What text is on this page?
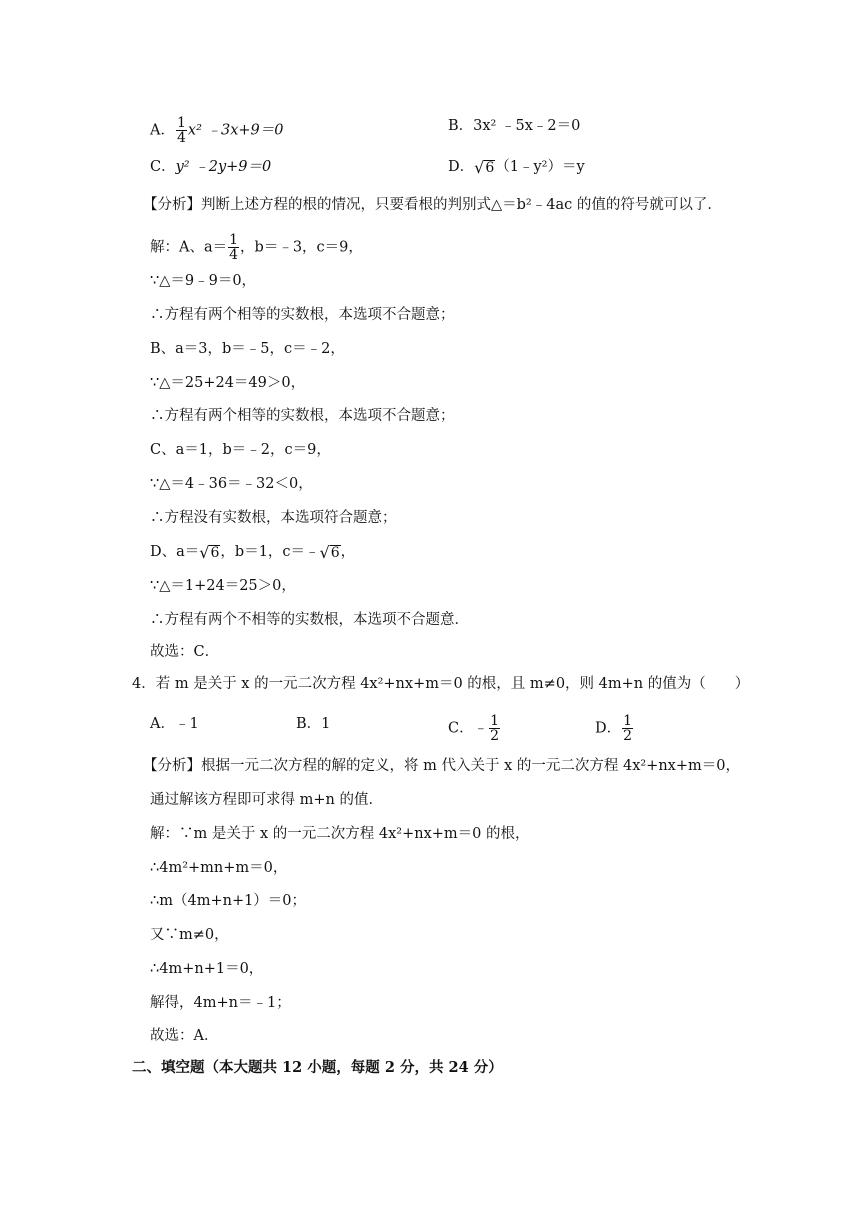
A． $\frac{1}{4} x^2$ ﹣3x+9＝0	B．3x² ﹣5x﹣2＝0
C．y² ﹣2y+9＝0	D． √ 6 （1﹣y²）＝y
【分析】判断上述方程的根的情况，只要看根的判别式△＝b²﹣4ac 的值的符号就可以了．
解：A、$a= \frac{1}{4}$ ，b＝﹣3，c＝9，
∵△＝9﹣9＝0，
∴方程有两个相等的实数根，本选项不合题意；
B、a＝3，b＝﹣5，c＝﹣2，
∵△＝25+24＝49＞0，
∴方程有两个相等的实数根，本选项不合题意；
C、a＝1，b＝﹣2，c＝9，
∵△＝4﹣36＝﹣32＜0，
∴方程没有实数根，本选项符合题意；
D、a＝ √ 6 ，b＝1，c＝﹣ √ 6 ，
∵△＝1+24＝25＞0，
∴方程有两个不相等的实数根，本选项不合题意．
故选：C．
4．若 m 是关于 x 的一元二次方程 4x²+nx+m＝0 的根，且 m≠0，则 4m+n 的值为（　　）
A．﹣1	B．1	C．﹣ $\frac{1}{2}$	D． $\frac{1}{2}$
【分析】根据一元二次方程的解的定义，将 m 代入关于 x 的一元二次方程 4x²+nx+m＝0，
通过解该方程即可求得 m+n 的值．
解：∵m 是关于 x 的一元二次方程 4x²+nx+m＝0 的根，
∴4m²+mn+m＝0，
∴m（4m+n+1）＝0；
又∵m≠0，
∴4m+n+1＝0，
解得，4m+n＝﹣1；
故选：A．
二、填空题（本大题共 12 小题，每题 2 分，共 24 分）
